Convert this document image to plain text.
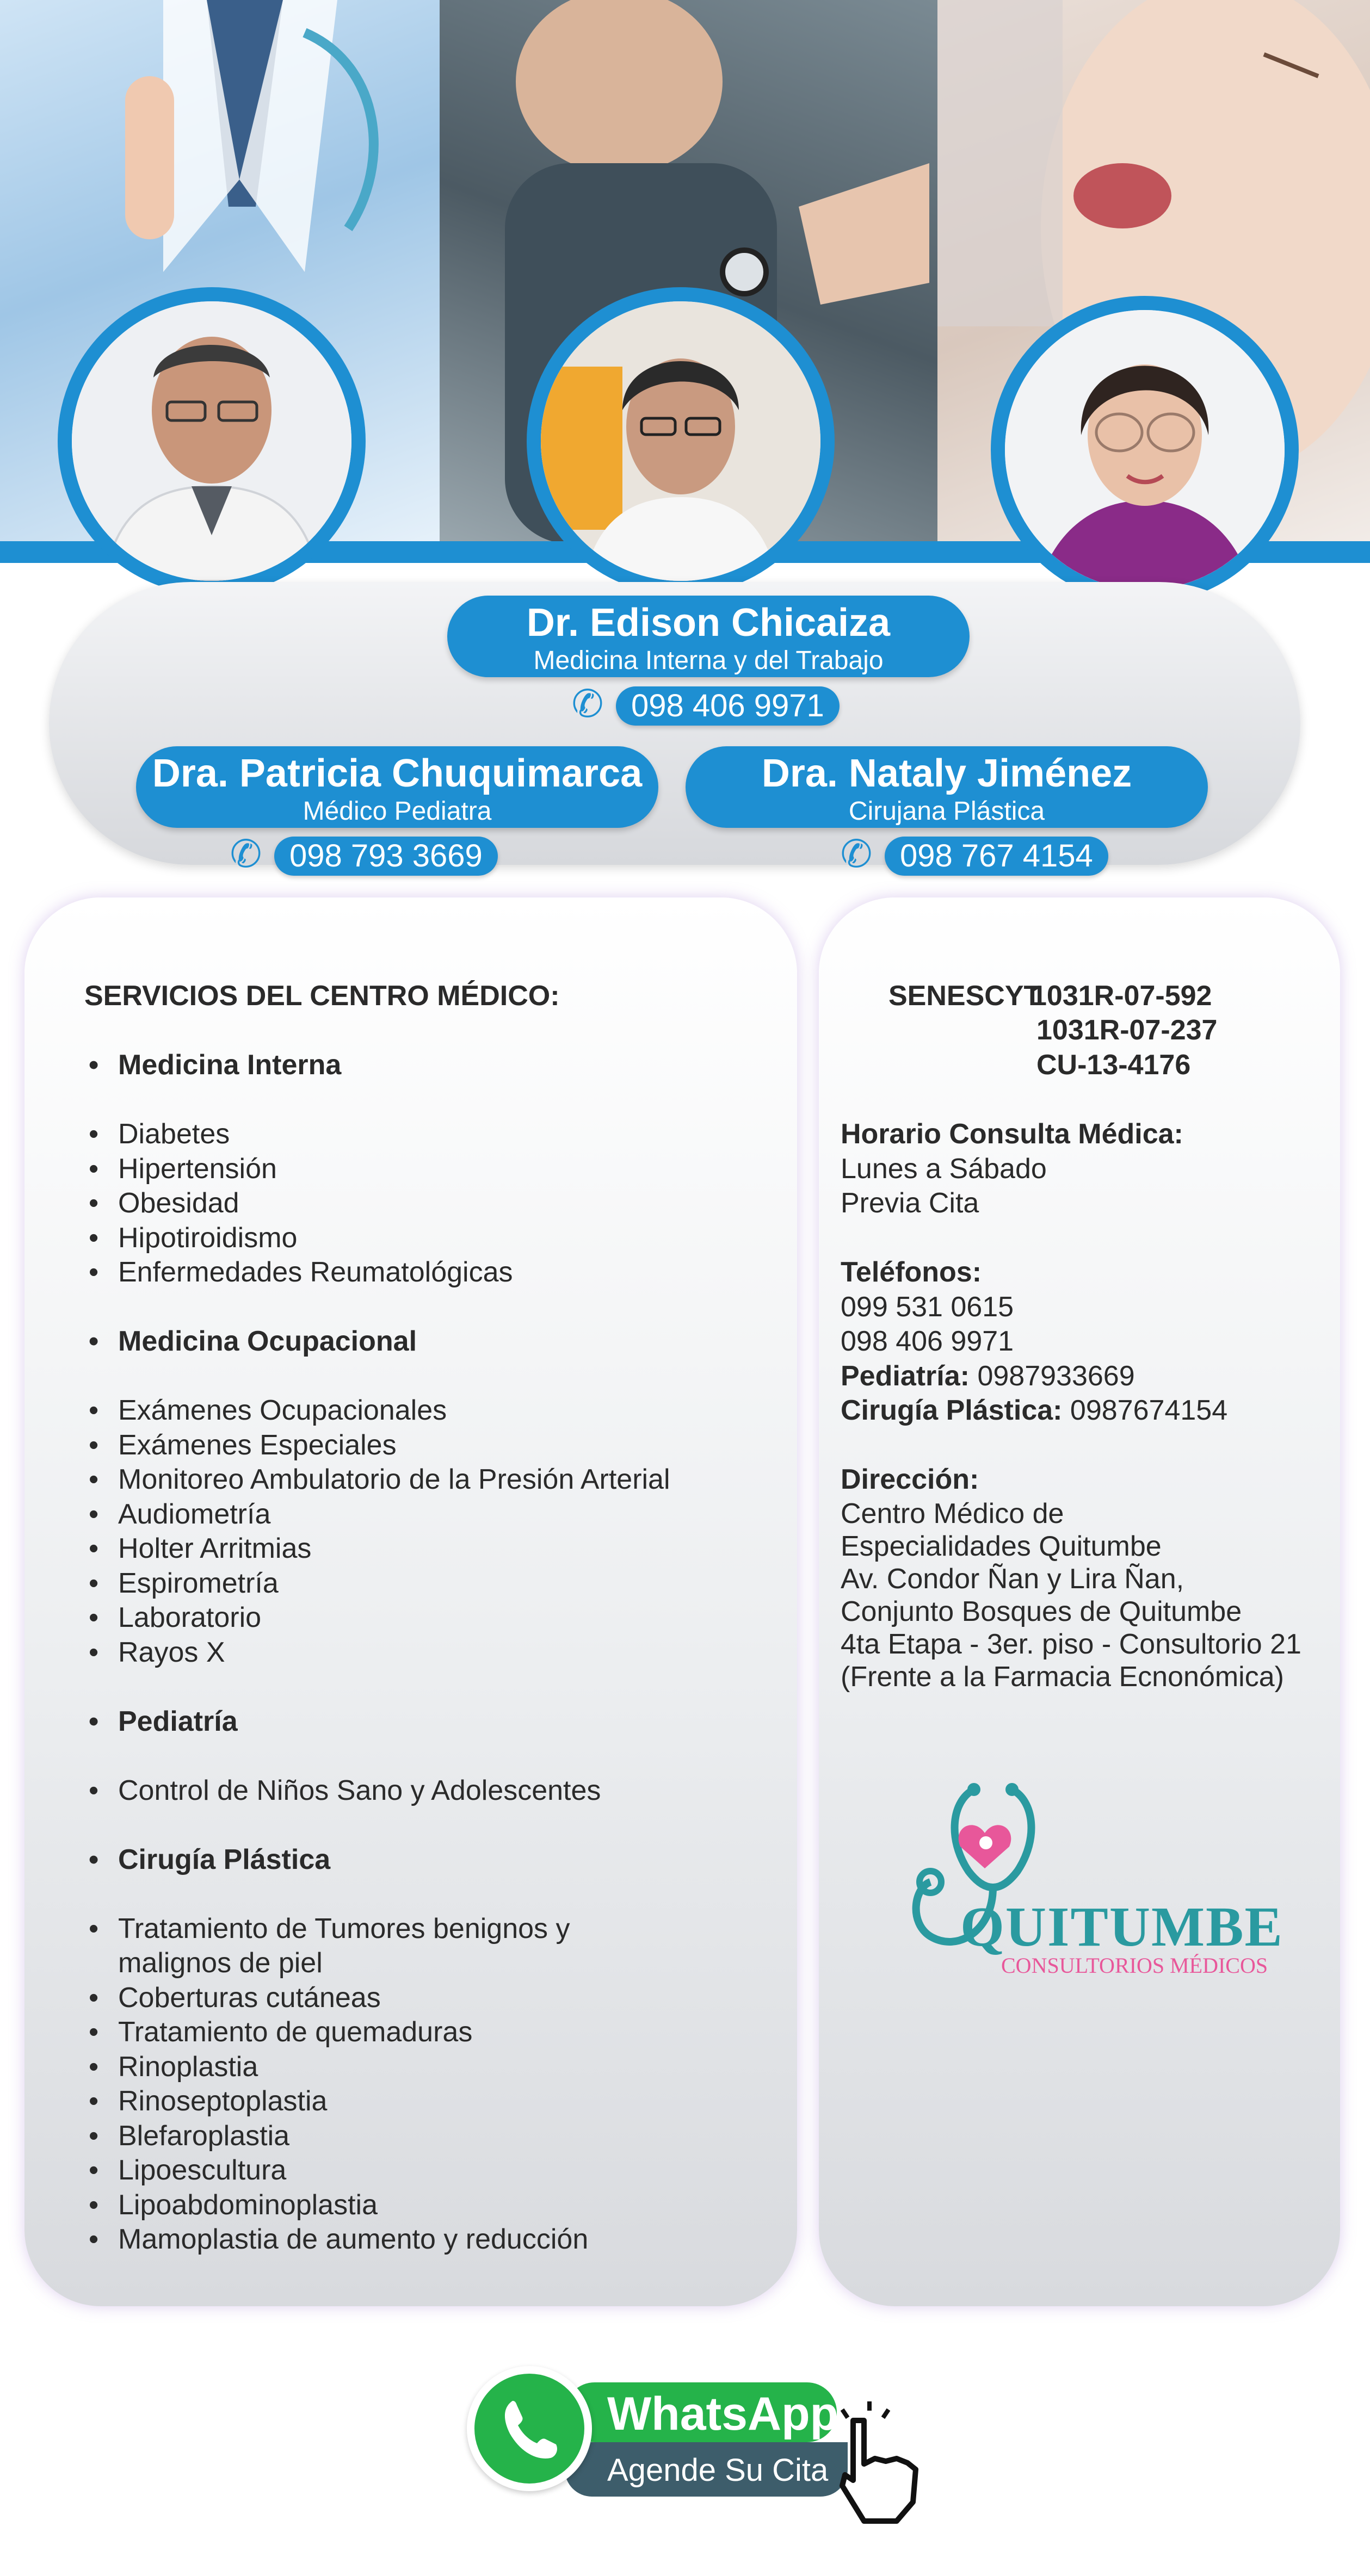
Dr. Edison Chicaiza
Medicina Interna y del Trabajo
✆ 098 406 9971
Dra. Patricia Chuquimarca
Médico Pediatra
✆ 098 793 3669
Dra. Nataly Jiménez
Cirujana Plástica
✆ 098 767 4154
SERVICIOS DEL CENTRO MÉDICO:
• Medicina Interna
• Diabetes
• Hipertensión
• Obesidad
• Hipotiroidismo
• Enfermedades Reumatológicas
• Medicina Ocupacional
• Exámenes Ocupacionales
• Exámenes Especiales
• Monitoreo Ambulatorio de la Presión Arterial
• Audiometría
• Holter Arritmias
• Espirometría
• Laboratorio
• Rayos X
• Pediatría
• Control de Niños Sano y Adolescentes
• Cirugía Plástica
• Tratamiento de Tumores benignos y malignos de piel
• Coberturas cutáneas
• Tratamiento de quemaduras
• Rinoplastia
• Rinoseptoplastia
• Blefaroplastia
• Lipoescultura
• Lipoabdominoplastia
• Mamoplastia de aumento y reducción
SENESCYT
1031R-07-592
1031R-07-237
CU-13-4176
Horario Consulta Médica:
Lunes a Sábado
Previa Cita
Teléfonos:
099 531 0615
098 406 9971
Pediatría: 0987933669
Cirugía Plástica: 0987674154
Dirección:
Centro Médico de
Especialidades Quitumbe
Av. Condor Ñan y Lira Ñan,
Conjunto Bosques de Quitumbe
4ta Etapa - 3er. piso - Consultorio 21
(Frente a la Farmacia Ecnonómica)
QUITUMBE
CONSULTORIOS MÉDICOS
WhatsApp
Agende Su Cita
